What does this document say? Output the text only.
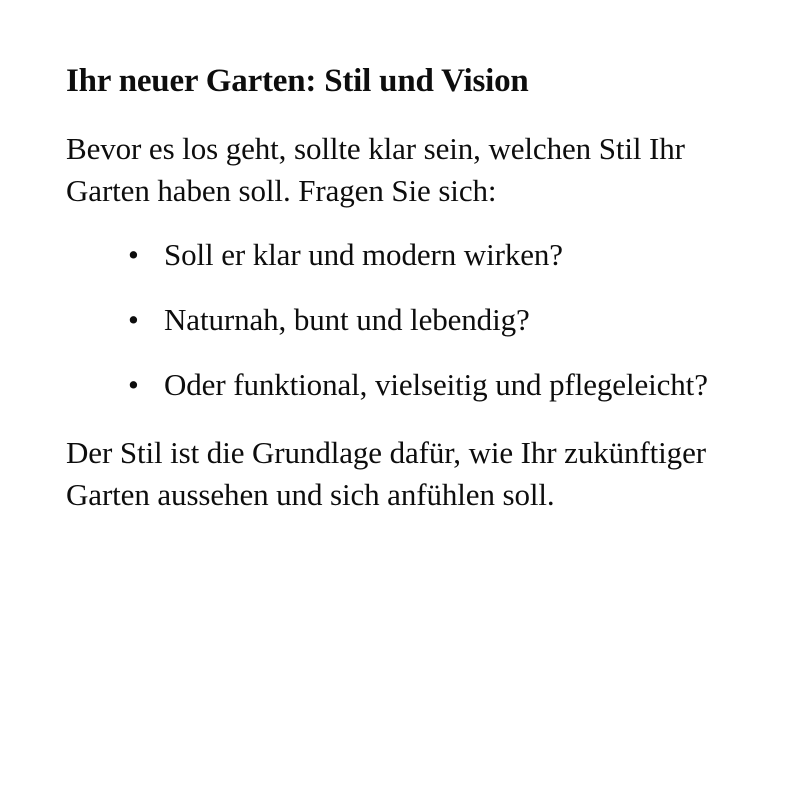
Ihr neuer Garten: Stil und Vision

Bevor es los geht, sollte klar sein, welchen Stil Ihr Garten haben soll. Fragen Sie sich:

• Soll er klar und modern wirken?
• Naturnah, bunt und lebendig?
• Oder funktional, vielseitig und pflegeleicht?

Der Stil ist die Grundlage dafür, wie Ihr zukünftiger Garten aussehen und sich anfühlen soll.
